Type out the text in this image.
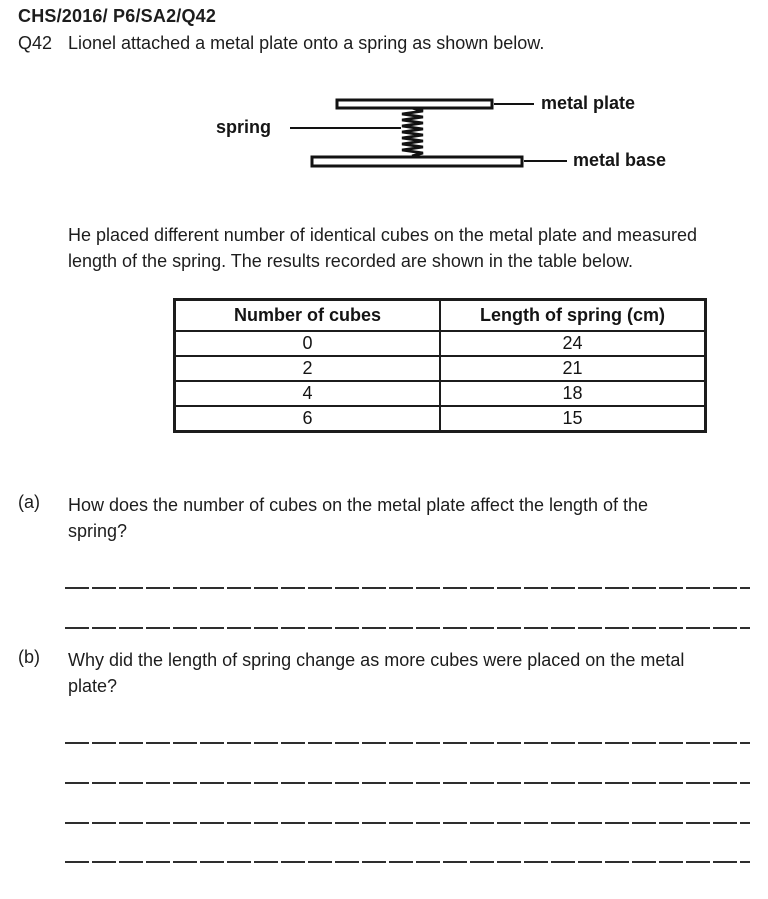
CHS/2016/ P6/SA2/Q42
Q42 Lionel attached a metal plate onto a spring as shown below.
spring
metal plate
metal base
He placed different number of identical cubes on the metal plate and measured
length of the spring. The results recorded are shown in the table below.
Number of cubes	Length of spring (cm)
0	24
2	21
4	18
6	15
(a) How does the number of cubes on the metal plate affect the length of the
spring?
(b) Why did the length of spring change as more cubes were placed on the metal
plate?
